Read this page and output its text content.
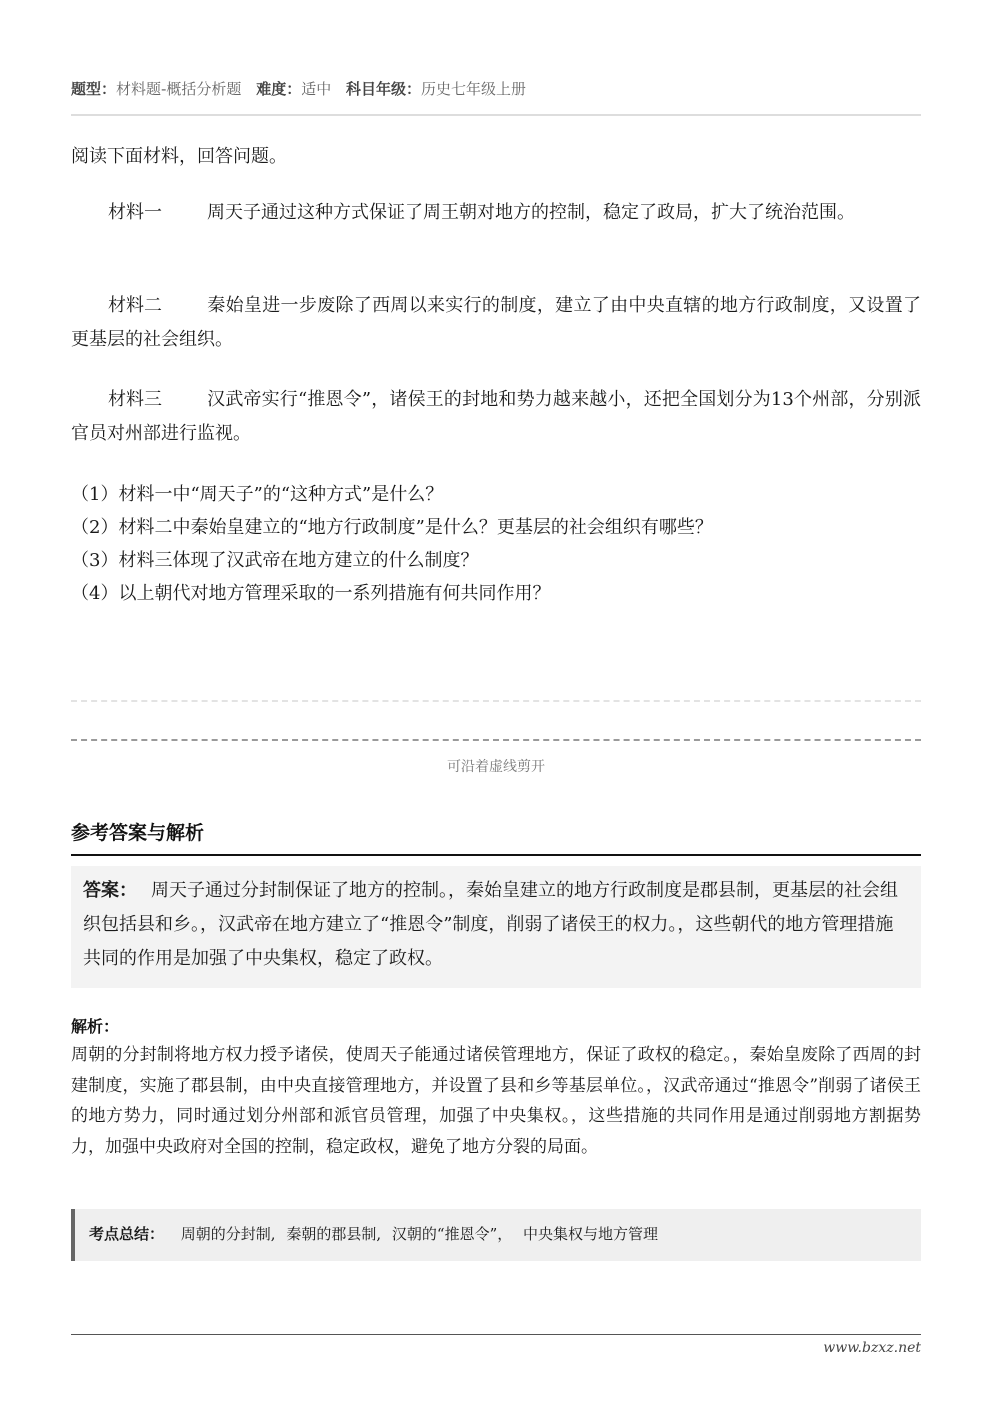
题型：材料题-概括分析题 难度：适中 科目年级：历史七年级上册
阅读下面材料，回答问题。
材料一	周天子通过这种方式保证了周王朝对地方的控制，稳定了政局，扩大了统治范围。
材料二	秦始皇进一步废除了西周以来实行的制度，建立了由中央直辖的地方行政制度，又设置了更基层的社会组织。
材料三	汉武帝实行“推恩令”，诸侯王的封地和势力越来越小，还把全国划分为13个州部，分别派官员对州部进行监视。
（1）材料一中“周天子”的“这种方式”是什么？
（2）材料二中秦始皇建立的“地方行政制度”是什么？更基层的社会组织有哪些？
（3）材料三体现了汉武帝在地方建立的什么制度？
（4）以上朝代对地方管理采取的一系列措施有何共同作用？
可沿着虚线剪开
参考答案与解析
答案： 周天子通过分封制保证了地方的控制。，秦始皇建立的地方行政制度是郡县制，更基层的社会组织包括县和乡。，汉武帝在地方建立了“推恩令”制度，削弱了诸侯王的权力。，这些朝代的地方管理措施共同的作用是加强了中央集权，稳定了政权。
解析：
周朝的分封制将地方权力授予诸侯，使周天子能通过诸侯管理地方，保证了政权的稳定。，秦始皇废除了西周的封建制度，实施了郡县制，由中央直接管理地方，并设置了县和乡等基层单位。，汉武帝通过“推恩令”削弱了诸侯王的地方势力，同时通过划分州部和派官员管理，加强了中央集权。，这些措施的共同作用是通过削弱地方割据势力，加强中央政府对全国的控制，稳定政权，避免了地方分裂的局面。
考点总结： 周朝的分封制, 秦朝的郡县制, 汉朝的“推恩令”， 中央集权与地方管理
www.bzxz.net
